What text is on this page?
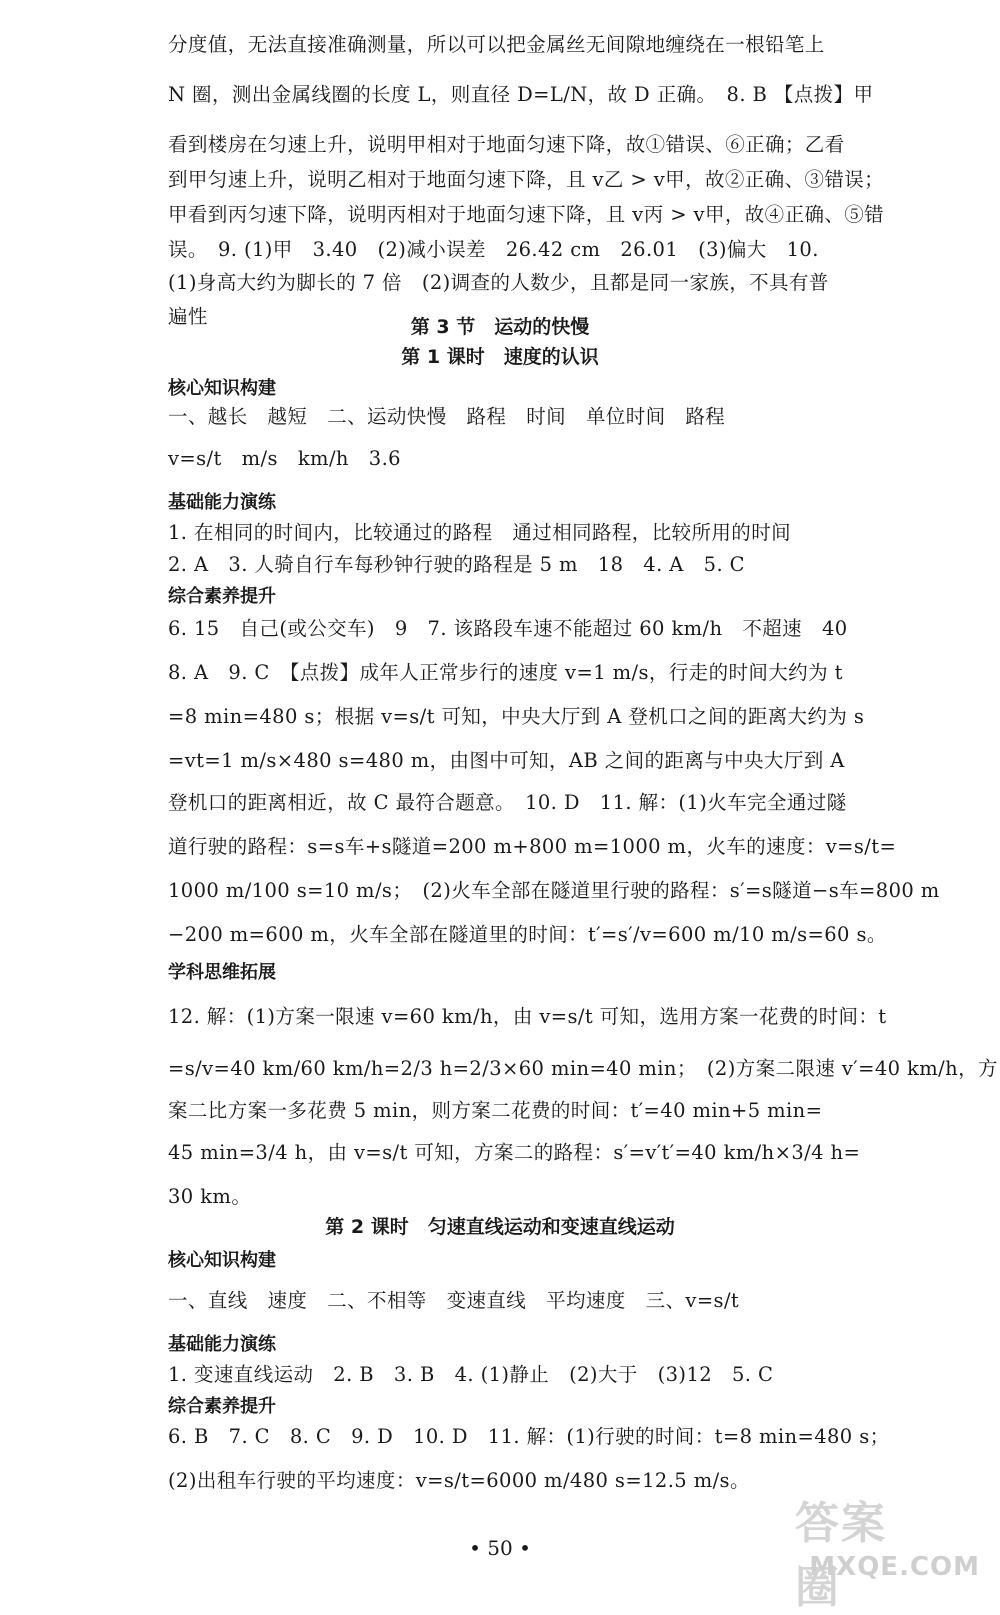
分度值，无法直接准确测量，所以可以把金属丝无间隙地缠绕在一根铅笔上
N 圈，测出金属线圈的长度 L，则直径 D=L/N，故 D 正确。　8. B 【点拨】甲
看到楼房在匀速上升，说明甲相对于地面匀速下降，故①错误、⑥正确；乙看
到甲匀速上升，说明乙相对于地面匀速下降，且 v乙 > v甲，故②正确、③错误；
甲看到丙匀速下降，说明丙相对于地面匀速下降，且 v丙 > v甲，故④正确、⑤错
误。　9. (1)甲　3.40　(2)减小误差　26.42 cm　26.01　(3)偏大　10.
(1)身高大约为脚长的 7 倍　(2)调查的人数少，且都是同一家族，不具有普
遍性	第 3 节　运动的快慢
第 1 课时　速度的认识
核心知识构建
一、越长　越短　二、运动快慢　路程　时间　单位时间　路程
v=s/t　m/s　km/h　3.6
基础能力演练
1. 在相同的时间内，比较通过的路程　通过相同路程，比较所用的时间
2. A　3. 人骑自行车每秒钟行驶的路程是 5 m　18　4. A　5. C
综合素养提升
6. 15　自己(或公交车)　9　7. 该路段车速不能超过 60 km/h　不超速　40
8. A　9. C　【点拨】成年人正常步行的速度 v=1 m/s，行走的时间大约为 t
=8 min=480 s；根据 v=s/t 可知，中央大厅到 A 登机口之间的距离大约为 s
=vt=1 m/s×480 s=480 m，由图中可知，AB 之间的距离与中央大厅到 A
登机口的距离相近，故 C 最符合题意。　10. D　11. 解：(1)火车完全通过隧
道行驶的路程：s=s车+s隧道=200 m+800 m=1000 m，火车的速度：v=s/t=
1000 m/100 s=10 m/s；　(2)火车全部在隧道里行驶的路程：s′=s隧道−s车=800 m
−200 m=600 m，火车全部在隧道里的时间：t′=s′/v=600 m/10 m/s=60 s。
学科思维拓展
12. 解：(1)方案一限速 v=60 km/h，由 v=s/t 可知，选用方案一花费的时间：t
=s/v=40 km/60 km/h=2/3 h=2/3×60 min=40 min；　(2)方案二限速 v′=40 km/h，方
案二比方案一多花费 5 min，则方案二花费的时间：t′=40 min+5 min=
45 min=3/4 h，由 v=s/t 可知，方案二的路程：s′=v′t′=40 km/h×3/4 h=
30 km。
第 2 课时　匀速直线运动和变速直线运动
核心知识构建
一、直线　速度　二、不相等　变速直线　平均速度　三、v=s/t
基础能力演练
1. 变速直线运动　2. B　3. B　4. (1)静止　(2)大于　(3)12　5. C
综合素养提升
6. B　7. C　8. C　9. D　10. D　11. 解：(1)行驶的时间：t=8 min=480 s；
(2)出租车行驶的平均速度：v=s/t=6000 m/480 s=12.5 m/s。
• 50 •	答案圈
MXQE.COM
